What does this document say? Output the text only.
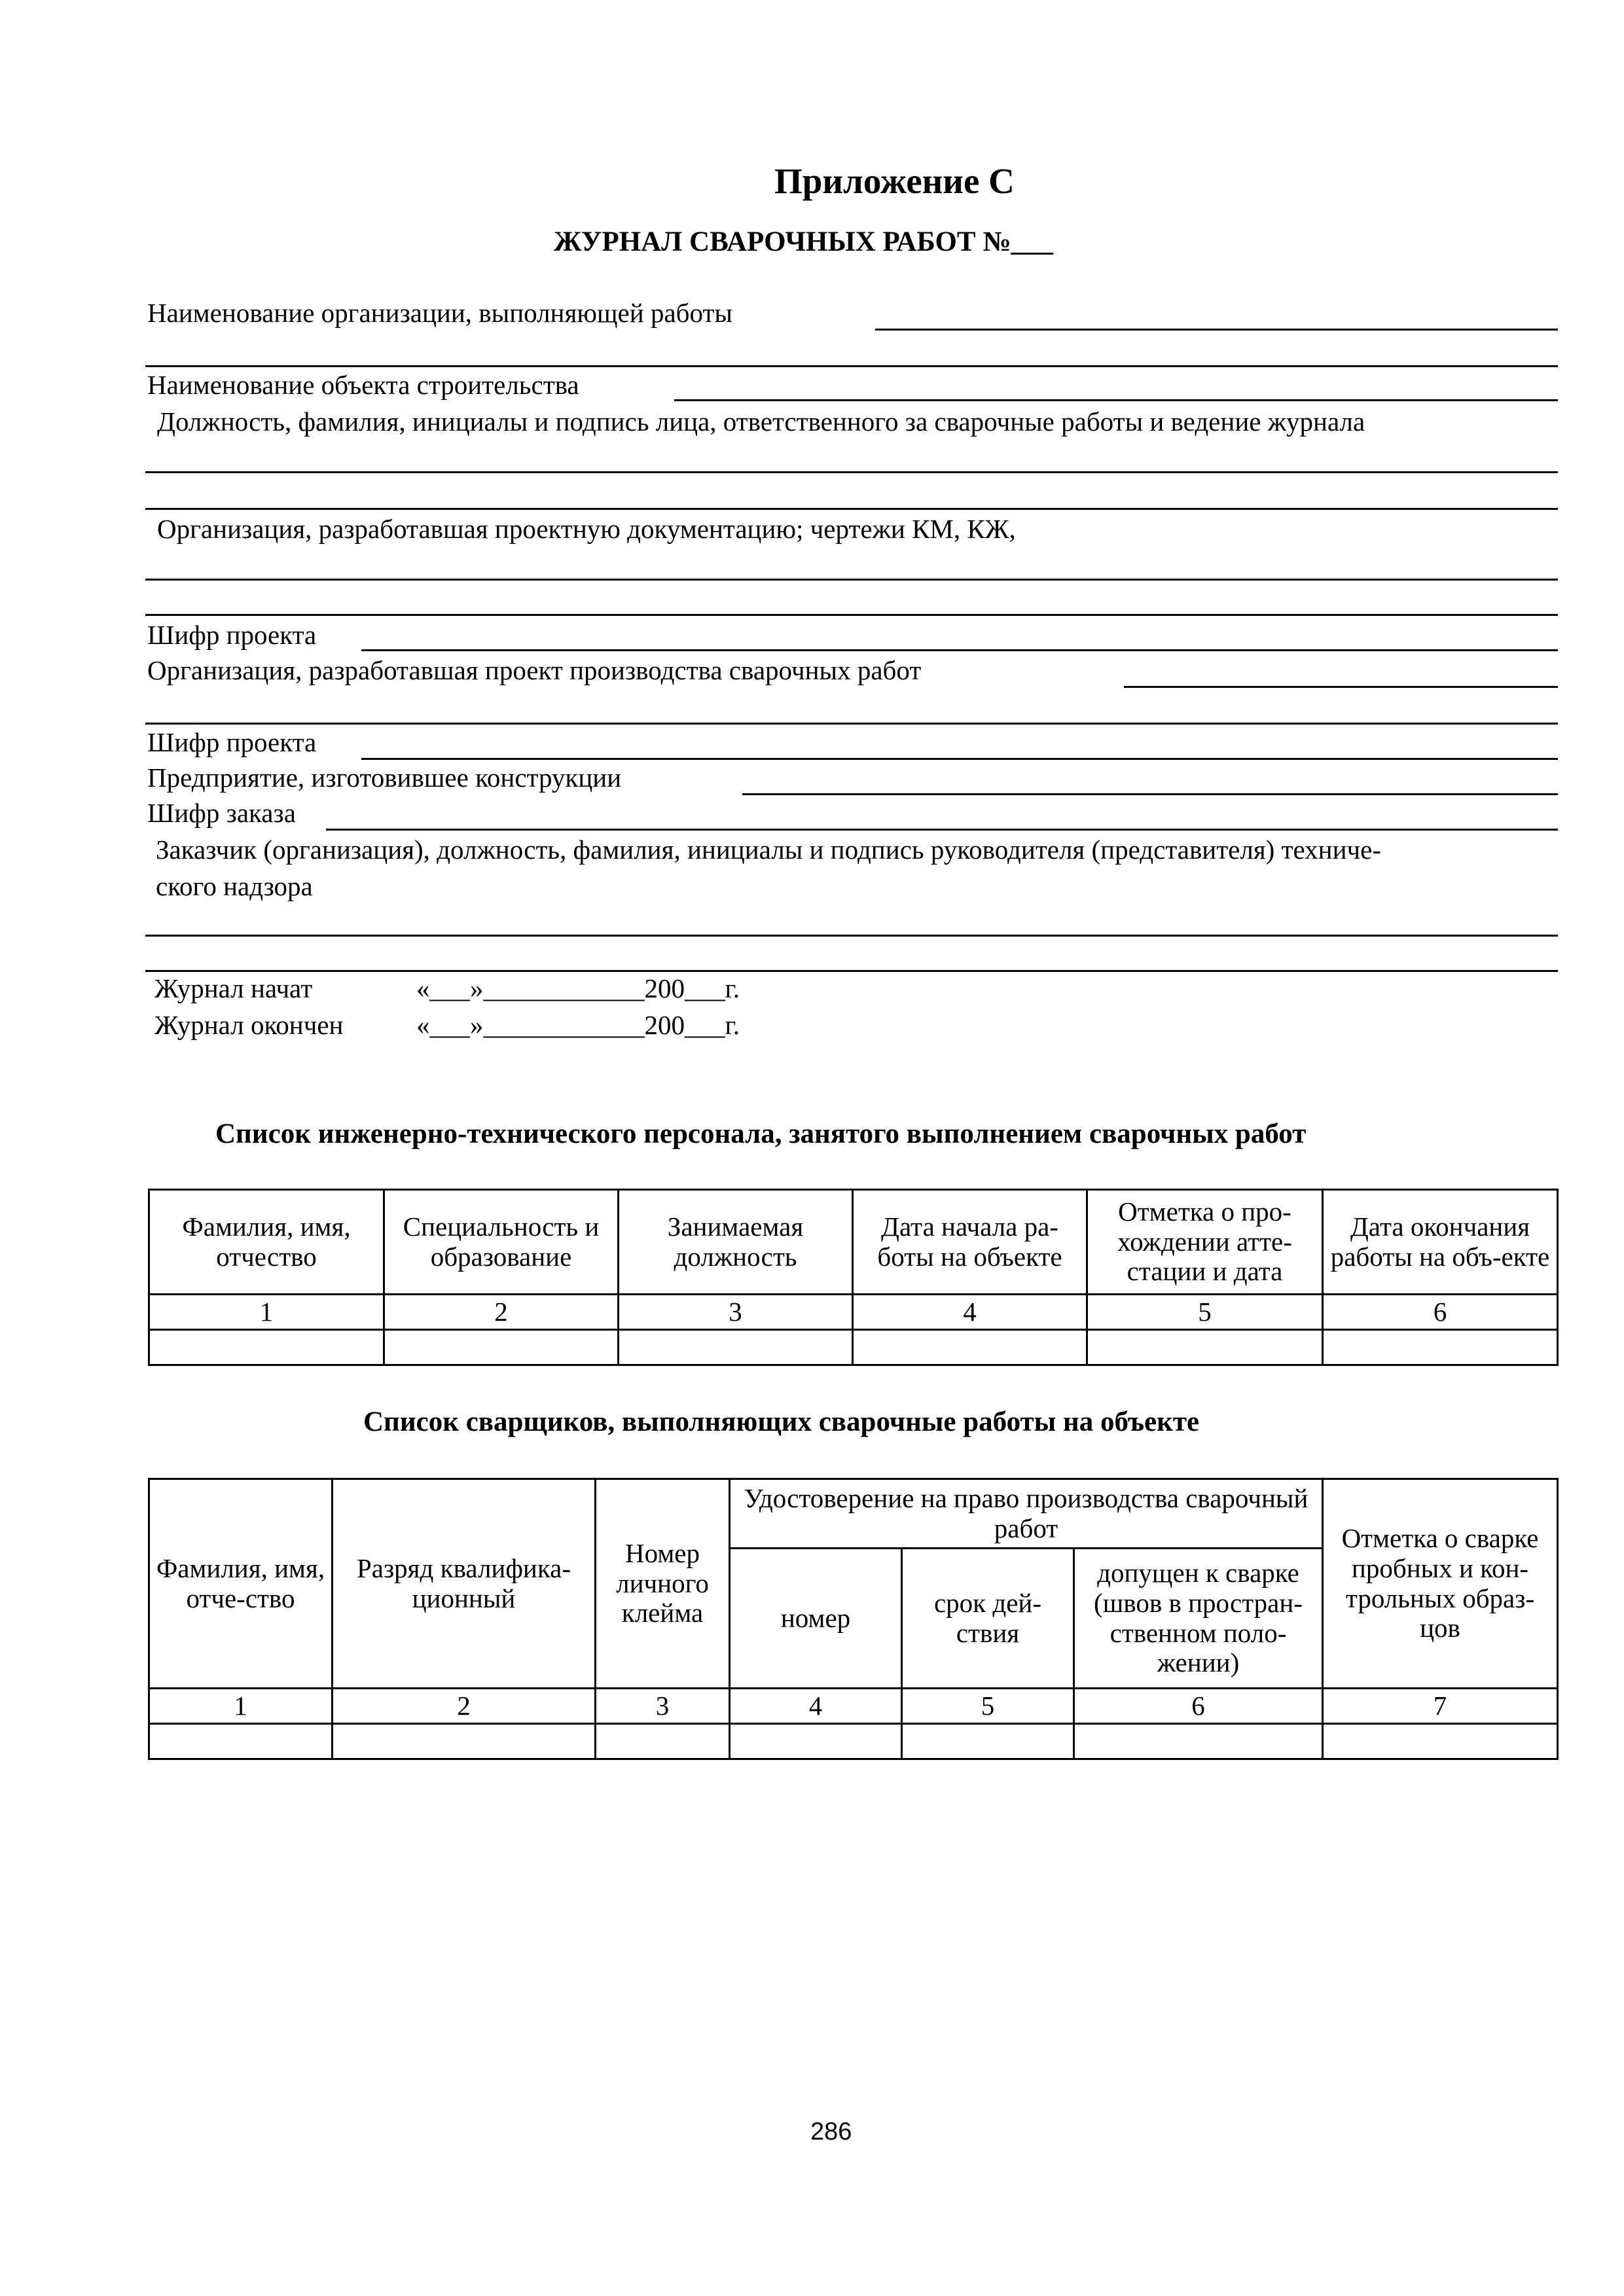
Приложение С
ЖУРНАЛ СВАРОЧНЫХ РАБОТ №___
Наименование организации, выполняющей работы
Наименование объекта строительства
Должность, фамилия, инициалы и подпись лица, ответственного за сварочные работы и ведение журнала
Организация, разработавшая проектную документацию; чертежи КМ, КЖ,
Шифр проекта
Организация, разработавшая проект производства сварочных работ
Шифр проекта
Предприятие, изготовившее конструкции
Шифр заказа
Заказчик (организация), должность, фамилия, инициалы и подпись руководителя (представителя) техниче-
ского надзора
Журнал начат	«___»____________200___г.
Журнал окончен	«___»____________200___г.
Список инженерно-технического персонала, занятого выполнением сварочных работ
Фамилия, имя, отчество	Специальность и образование	Занимаемая должность	Дата начала ра-боты на объекте	Отметка о про-хождении атте-стации и дата	Дата окончания работы на объ-екте
1	2	3	4	5	6

Список сварщиков, выполняющих сварочные работы на объекте
Фамилия, имя, отче-ство	Разряд квалифика-ционный	Номер личного клейма	Удостоверение на право производства сварочный работ			Отметка о сварке пробных и кон-трольных образ-цов
			номер	срок дей-ствия	допущен к сварке (швов в простран-ственном поло-жении)	
1	2	3	4	5	6	7

286
